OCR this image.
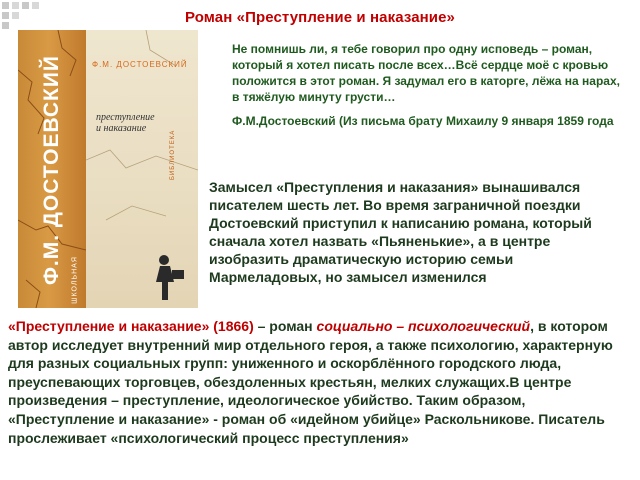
Роман «Преступление и наказание»
Ф.М. ДОСТОЕВСКИЙ ШКОЛЬНАЯ
Ф.М. ДОСТОЕВСКИЙ
преступление
и наказание
БИБЛИОТЕКА

Не помнишь ли, я тебе говорил про одну исповедь – роман, который я хотел писать после всех…Всё сердце моё с кровью положится в этот роман. Я задумал его в каторге, лёжа на нарах, в тяжёлую минуту грусти…

Ф.М.Достоевский (Из письма брату Михаилу 9 января 1859 года

Замысел «Преступления и наказания» вынашивался писателем шесть лет. Во время заграничной поездки Достоевский приступил к написанию романа, который сначала хотел назвать «Пьяненькие», а в центре изобразить драматическую историю семьи Мармеладовых, но замысел изменился
«Преступление и наказание» (1866) – роман социально – психологический, в котором автор исследует внутренний мир отдельного героя, а также психологию, характерную для разных социальных групп: униженного и оскорблённого городского люда, преуспевающих торговцев, обездоленных крестьян, мелких служащих.В центре произведения – преступление, идеологическое убийство. Таким образом, «Преступление и наказание» - роман об «идейном убийце» Раскольникове. Писатель прослеживает «психологический процесс преступления»
